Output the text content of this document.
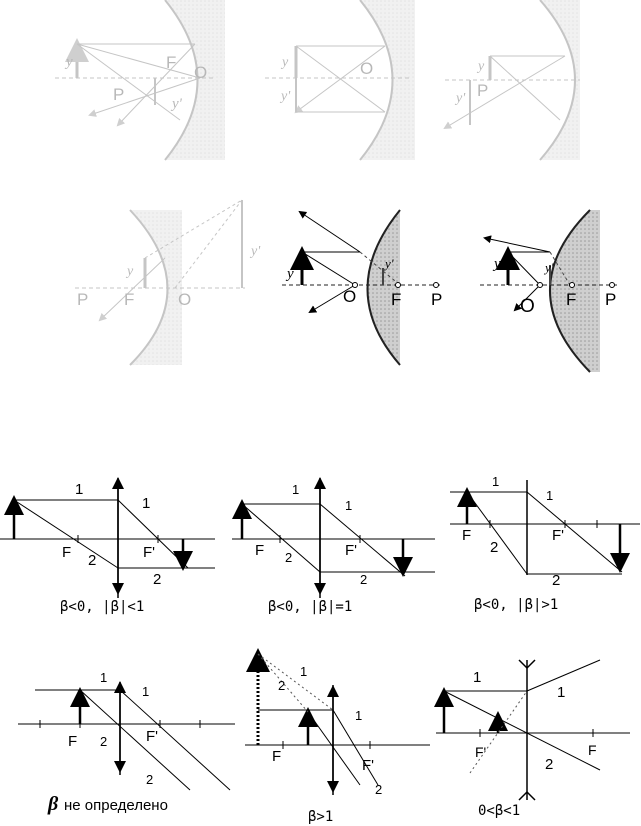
y	F
P
O
y'
y
y'
O	y
y' P
y'
y
P F	O
y
y'
O F P
y	y'
O F P
1
1
2
2
F	F'
β<0, |β|<1
1
1
2
2
F	F'
β<0, |β|=1
1
1
2
2
F	F'
β<0, |β|>1
1
1
2
2
F	F'
β не определено
1
1
2
2
F
F'
β>1
1
1
2
F'	F
0<β<1
